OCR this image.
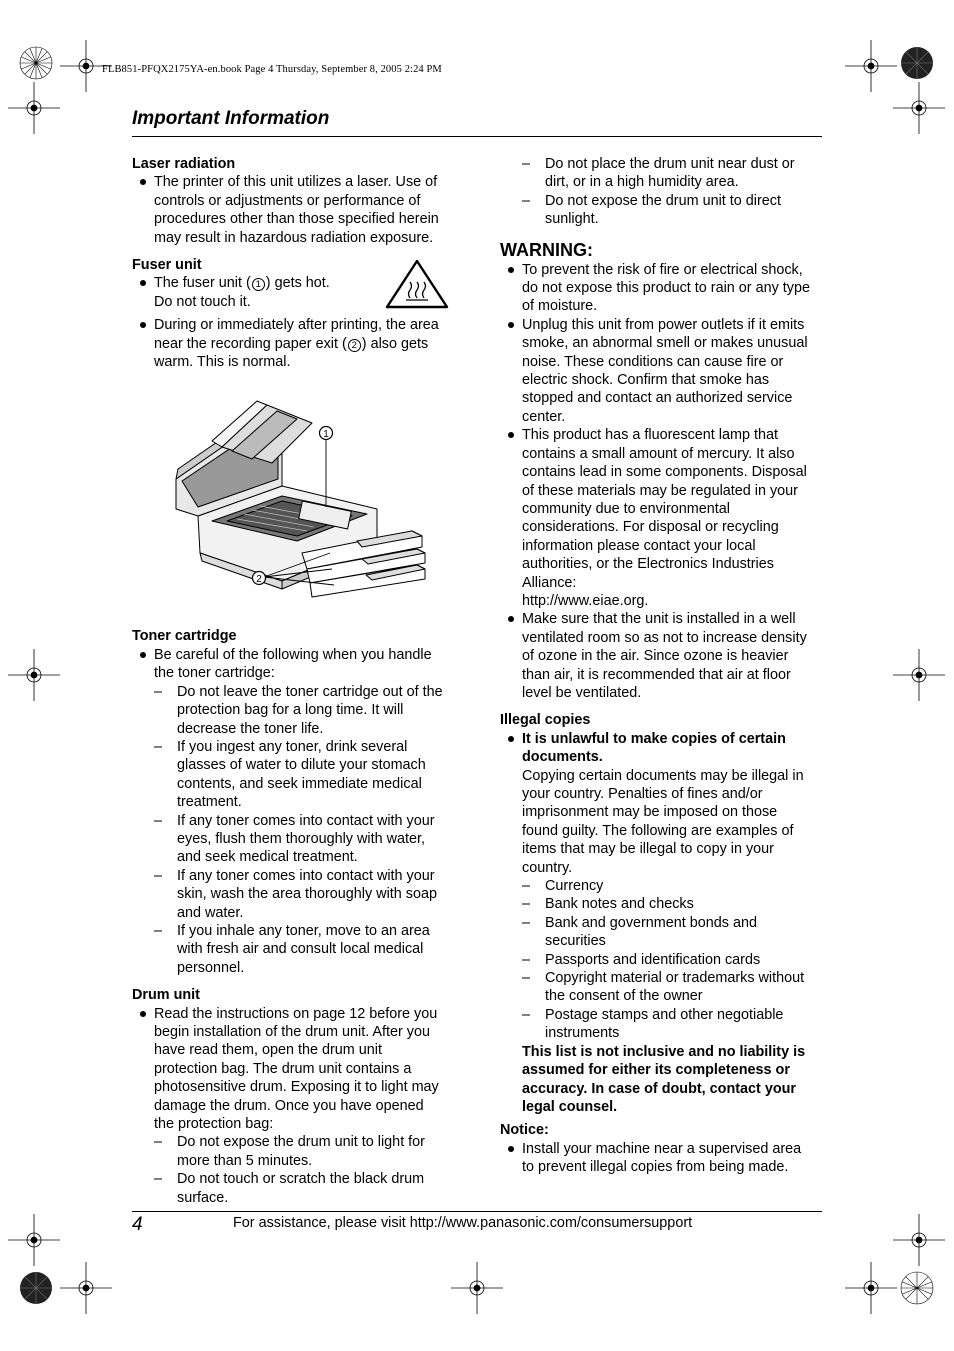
FLB851-PFQX2175YA-en.book Page 4 Thursday, September 8, 2005 2:24 PM
Important Information
Laser radiation
The printer of this unit utilizes a laser. Use of
controls or adjustments or performance of
procedures other than those specified herein
may result in hazardous radiation exposure.
Fuser unit
The fuser unit ( 1 ) gets hot.
Do not touch it.
During or immediately after printing, the area
near the recording paper exit ( 2 ) also gets
warm. This is normal.
1
2
Toner cartridge
Be careful of the following when you handle
the toner cartridge:
– Do not leave the toner cartridge out of the
protection bag for a long time. It will
decrease the toner life.
– If you ingest any toner, drink several
glasses of water to dilute your stomach
contents, and seek immediate medical
treatment.
– If any toner comes into contact with your
eyes, flush them thoroughly with water,
and seek medical treatment.
– If any toner comes into contact with your
skin, wash the area thoroughly with soap
and water.
– If you inhale any toner, move to an area
with fresh air and consult local medical
personnel.
Drum unit
Read the instructions on page 12 before you
begin installation of the drum unit. After you
have read them, open the drum unit
protection bag. The drum unit contains a
photosensitive drum. Exposing it to light may
damage the drum. Once you have opened
the protection bag:
– Do not expose the drum unit to light for
more than 5 minutes.
– Do not touch or scratch the black drum
surface.
– Do not place the drum unit near dust or
dirt, or in a high humidity area.
– Do not expose the drum unit to direct
sunlight.
WARNING:
To prevent the risk of fire or electrical shock,
do not expose this product to rain or any type
of moisture.
Unplug this unit from power outlets if it emits
smoke, an abnormal smell or makes unusual
noise. These conditions can cause fire or
electric shock. Confirm that smoke has
stopped and contact an authorized service
center.
This product has a fluorescent lamp that
contains a small amount of mercury. It also
contains lead in some components. Disposal
of these materials may be regulated in your
community due to environmental
considerations. For disposal or recycling
information please contact your local
authorities, or the Electronics Industries
Alliance:
http://www.eiae.org.
Make sure that the unit is installed in a well
ventilated room so as not to increase density
of ozone in the air. Since ozone is heavier
than air, it is recommended that air at floor
level be ventilated.
Illegal copies
It is unlawful to make copies of certain
documents.
Copying certain documents may be illegal in
your country. Penalties of fines and/or
imprisonment may be imposed on those
found guilty. The following are examples of
items that may be illegal to copy in your
country.
– Currency
– Bank notes and checks
– Bank and government bonds and
securities
– Passports and identification cards
– Copyright material or trademarks without
the consent of the owner
– Postage stamps and other negotiable
instruments
This list is not inclusive and no liability is
assumed for either its completeness or
accuracy. In case of doubt, contact your
legal counsel.
Notice:
Install your machine near a supervised area
to prevent illegal copies from being made.
4	For assistance, please visit http://www.panasonic.com/consumersupport
